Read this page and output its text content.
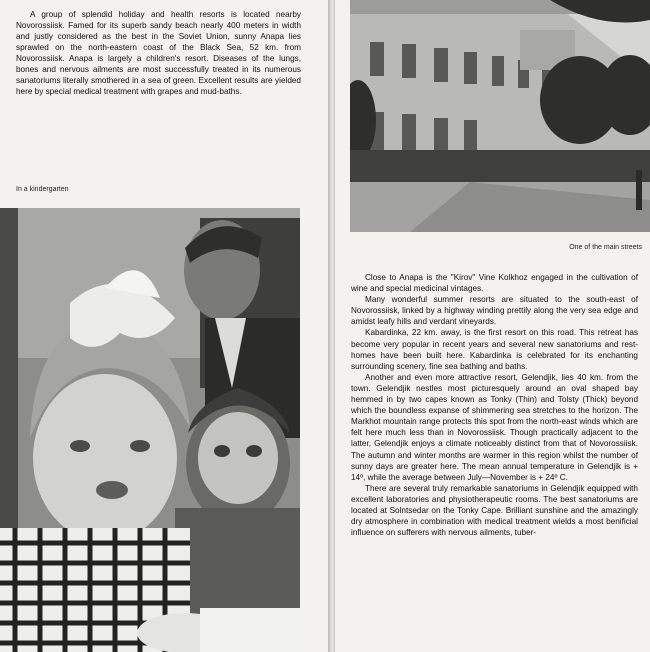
A group of splendid holiday and health resorts is located nearby Novorossiisk. Famed for its superb sandy beach nearly 400 meters in width and justly considered as the best in the Soviet Union, sunny Anapa lies sprawled on the north-eastern coast of the Black Sea, 52 km. from Novorossiisk. Anapa is largely a children's resort. Diseases of the lungs, bones and nervous ailments are most successfully treated in its numerous sanatoriums literally smothered in a sea of green. Excellent results are yielded here by special medical treatment with grapes and mud-baths.

In a kindergarten

One of the main streets

Close to Anapa is the "Kirov" Vine Kolkhoz engaged in the cultivation of wine and special medicinal vintages.

Many wonderful summer resorts are situated to the south-east of Novorossiisk, linked by a highway winding prettily along the very sea edge and amidst leafy hills and verdant vineyards.

Kabardinka, 22 km. away, is the first resort on this road. This retreat has become very popular in recent years and several new sanatoriums and rest-homes have been built here. Kabardinka is celebrated for its enchanting surrounding scenery, fine sea bathing and baths.

Another and even more attractive resort, Gelendjik, lies 40 km. from the town. Gelendjik nestles most picturesquely around an oval shaped bay hemmed in by two capes known as Tonky (Thin) and Tolsty (Thick) beyond which the boundless expanse of shimmering sea stretches to the horizon. The Markhot mountain range protects this spot from the north-east winds which are felt here much less than in Novorossiisk. Though practically adjacent to the latter, Gelendjik enjoys a climate noticeably distinct from that of Novorossiisk. The autumn and winter months are warmer in this region whilst the number of sunny days are greater here. The mean annual temperature in Gelendjik is + 14º, while the average between July—November is + 24º C.

There are several truly remarkable sanatoriums in Gelendjik equipped with excellent laboratories and physiotherapeutic rooms. The best sanatoriums are located at Solntsedar on the Tonky Cape. Brilliant sunshine and the amazingly dry atmosphere in combination with medical treatment wields a most benificial influence on sufferers with nervous ailments, tuber-
